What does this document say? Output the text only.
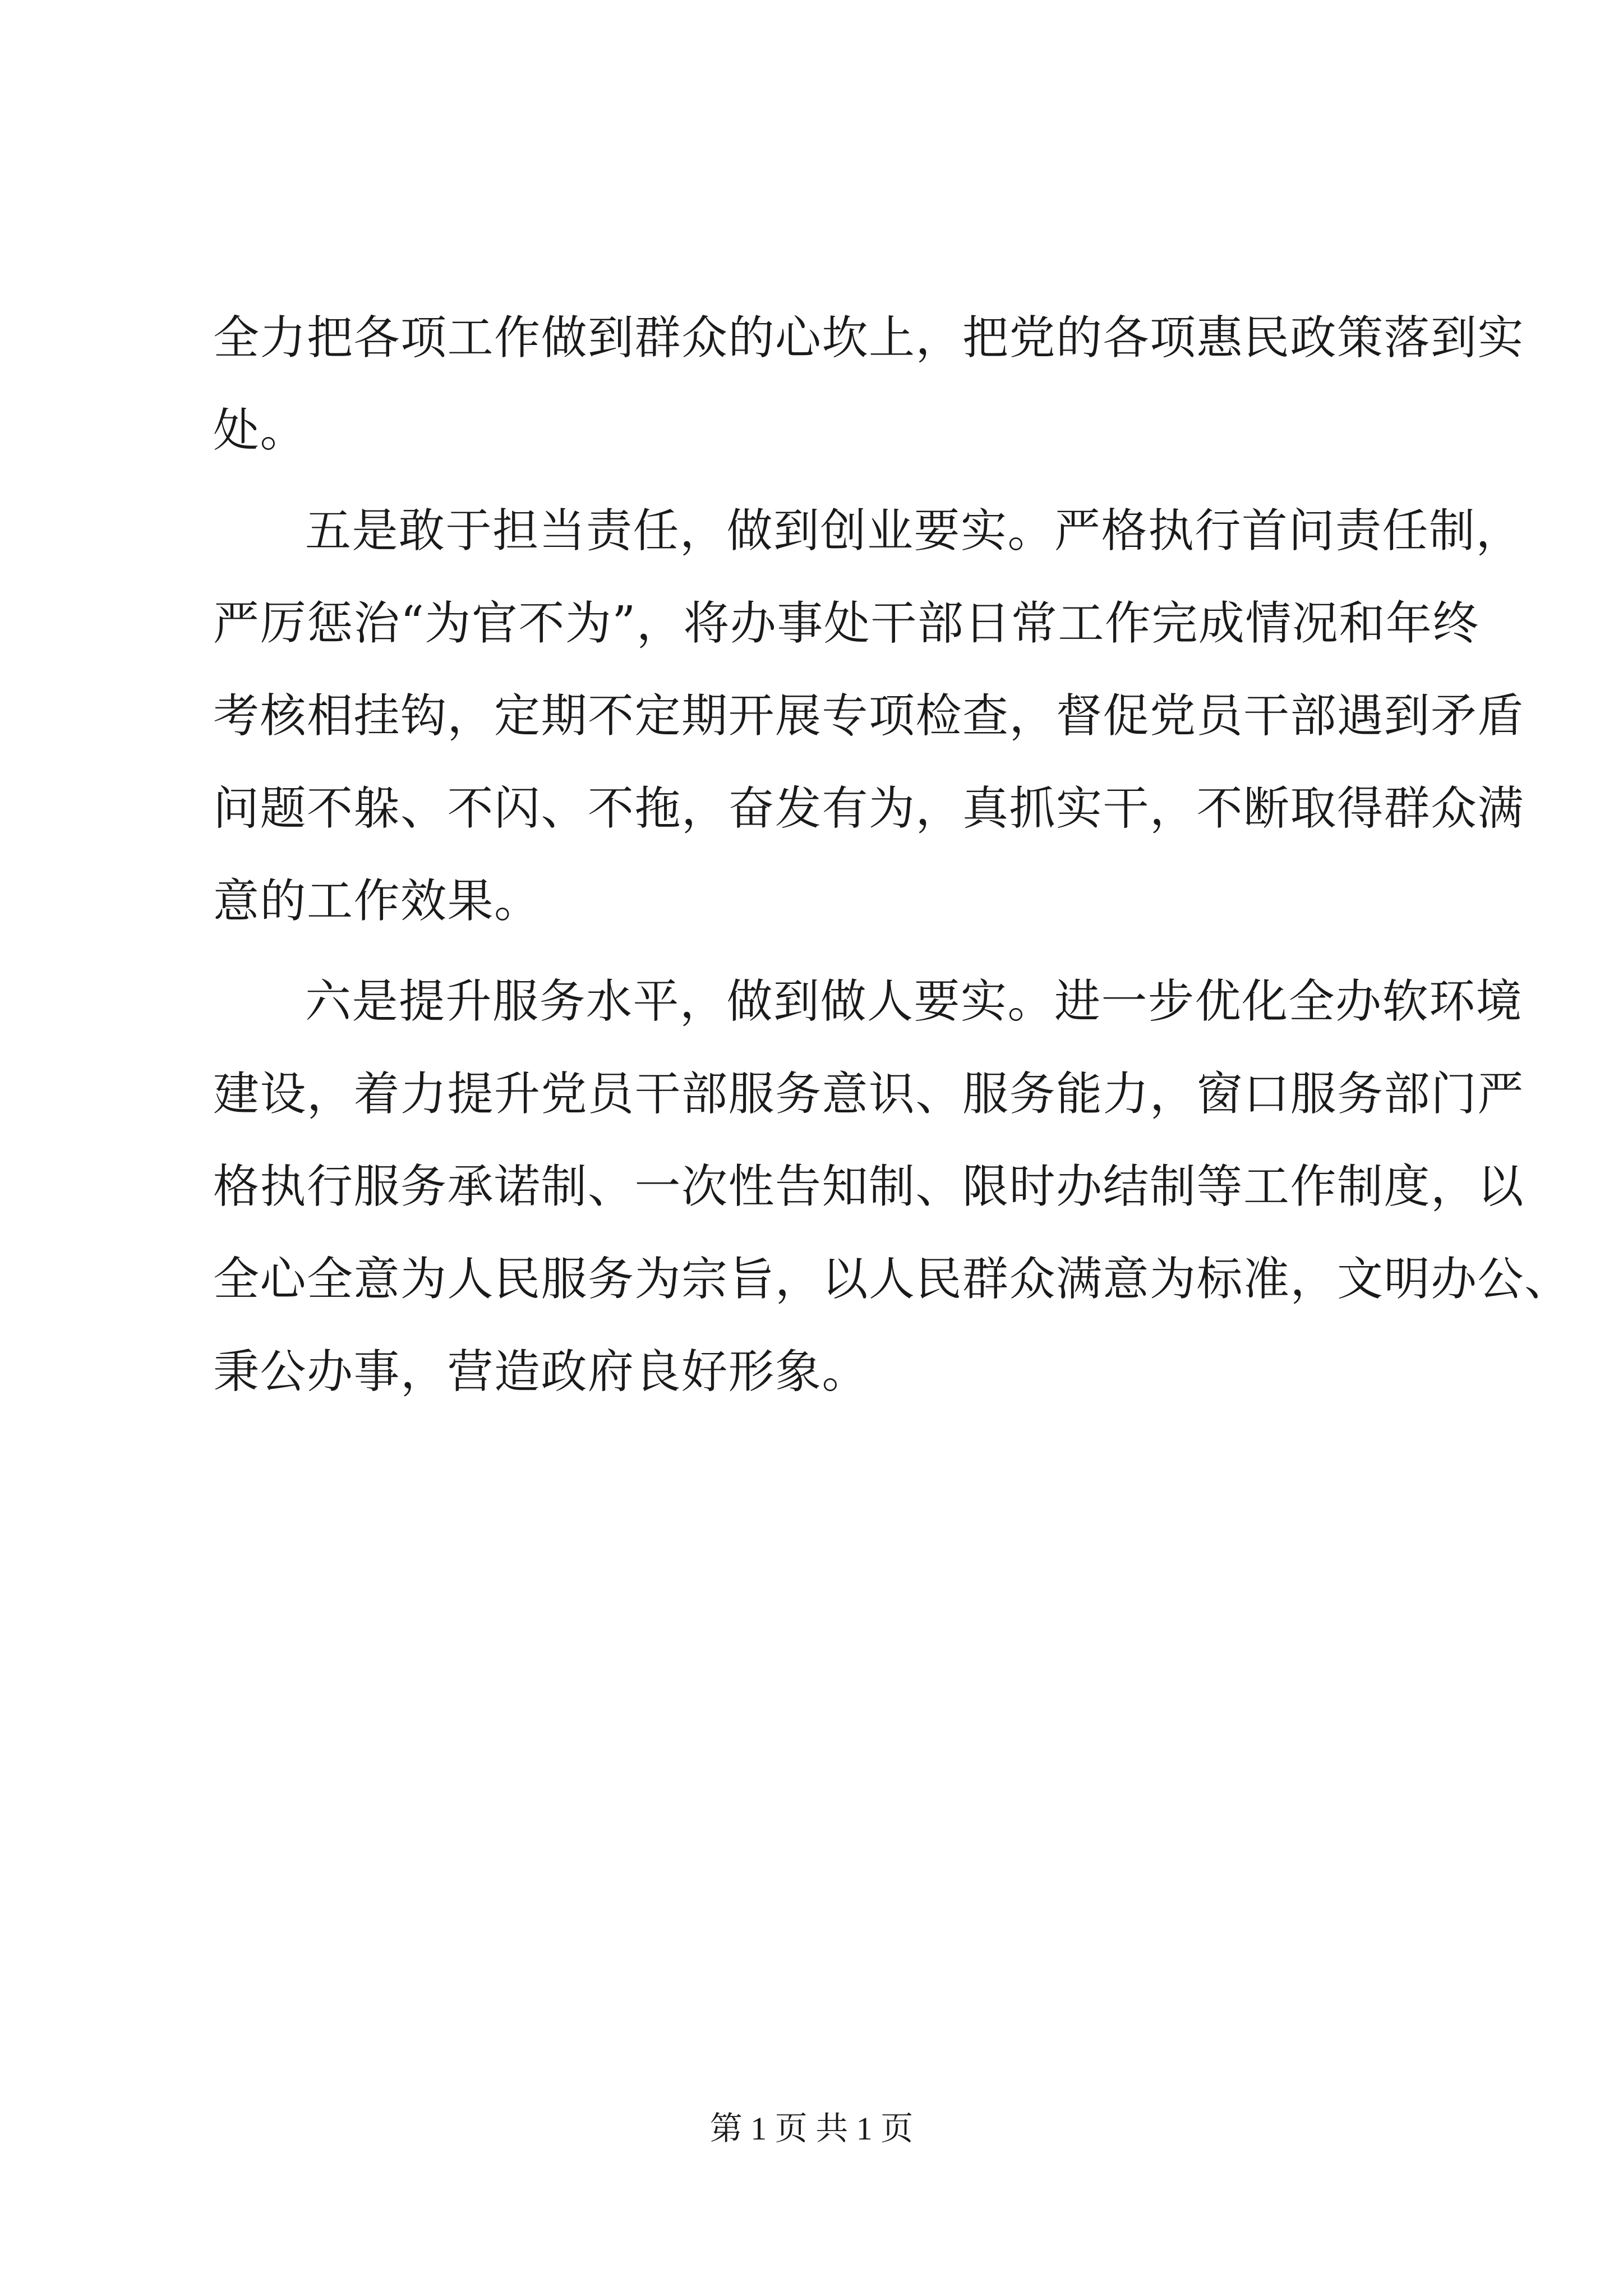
全力把各项工作做到群众的心坎上，把党的各项惠民政策落到实
处。
五是敢于担当责任，做到创业要实。严格执行首问责任制，
严厉惩治“为官不为”，将办事处干部日常工作完成情况和年终
考核相挂钩，定期不定期开展专项检查，督促党员干部遇到矛盾
问题不躲、不闪、不拖，奋发有为，真抓实干，不断取得群众满
意的工作效果。
六是提升服务水平，做到做人要实。进一步优化全办软环境
建设，着力提升党员干部服务意识、服务能力，窗口服务部门严
格执行服务承诺制、一次性告知制、限时办结制等工作制度，以
全心全意为人民服务为宗旨，以人民群众满意为标准，文明办公、
秉公办事，营造政府良好形象。
第 1 页 共 1 页
